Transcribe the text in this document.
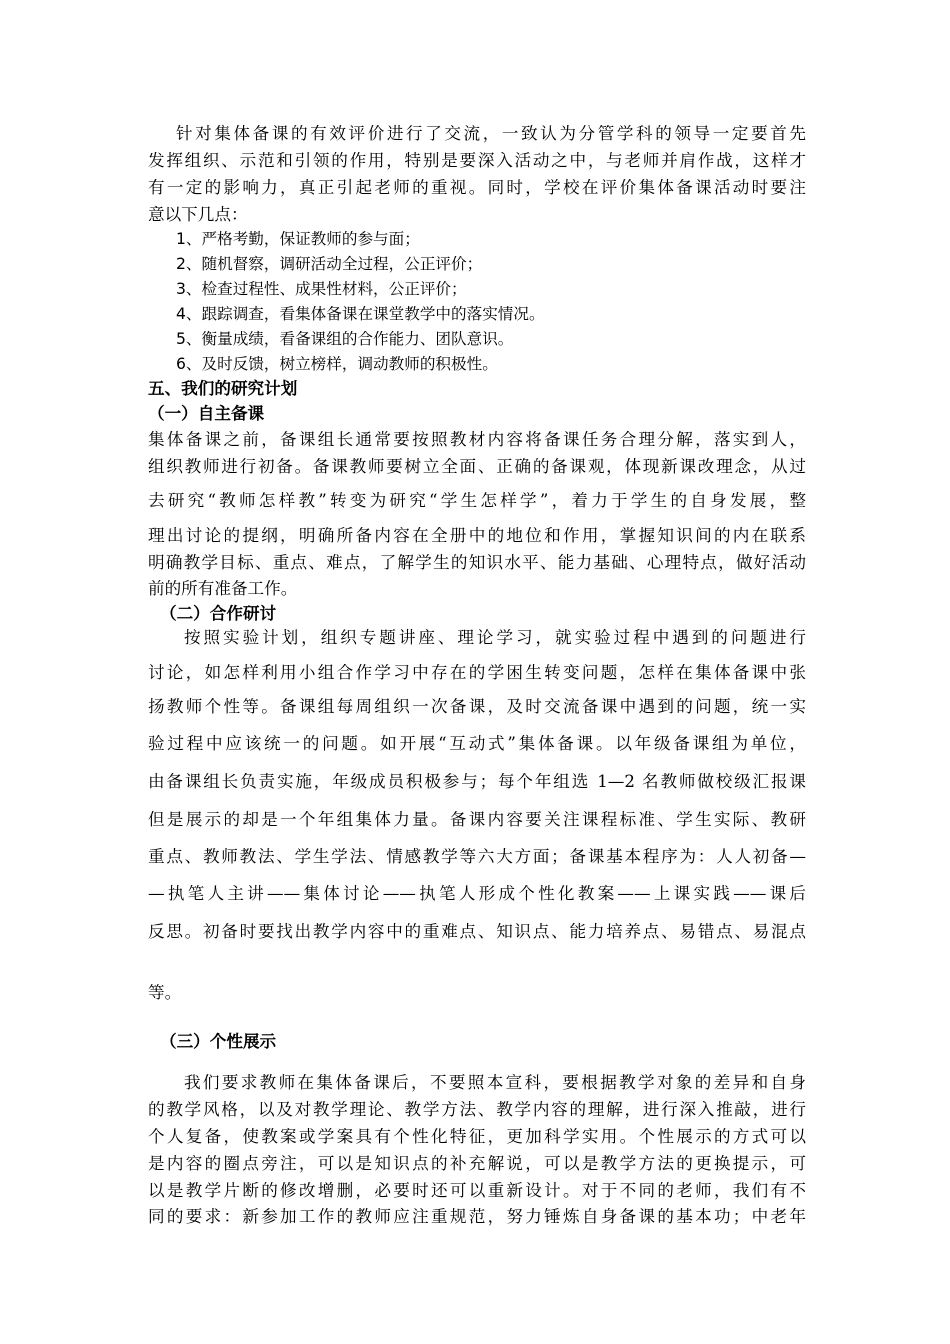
针对集体备课的有效评价进行了交流，一致认为分管学科的领导一定要首先
发挥组织、示范和引领的作用，特别是要深入活动之中，与老师并肩作战，这样才
有一定的影响力，真正引起老师的重视。同时，学校在评价集体备课活动时要注
意以下几点：
1、严格考勤，保证教师的参与面；
2、随机督察，调研活动全过程，公正评价；
3、检查过程性、成果性材料，公正评价；
4、跟踪调查，看集体备课在课堂教学中的落实情况。
5、衡量成绩，看备课组的合作能力、团队意识。
6、及时反馈，树立榜样，调动教师的积极性。
五、我们的研究计划
（一）自主备课
集体备课之前，备课组长通常要按照教材内容将备课任务合理分解，落实到人，
组织教师进行初备。备课教师要树立全面、正确的备课观，体现新课改理念，从过
去研究“教师怎样教”转变为研究“学生怎样学”，着力于学生的自身发展，整
理出讨论的提纲，明确所备内容在全册中的地位和作用，掌握知识间的内在联系
明确教学目标、重点、难点，了解学生的知识水平、能力基础、心理特点，做好活动
前的所有准备工作。
（二）合作研讨
按照实验计划，组织专题讲座、理论学习，就实验过程中遇到的问题进行
讨论，如怎样利用小组合作学习中存在的学困生转变问题，怎样在集体备课中张
扬教师个性等。备课组每周组织一次备课，及时交流备课中遇到的问题，统一实
验过程中应该统一的问题。如开展“互动式”集体备课。以年级备课组为单位，
由备课组长负责实施，年级成员积极参与；每个年组选 1—2 名教师做校级汇报课
但是展示的却是一个年组集体力量。备课内容要关注课程标准、学生实际、教研
重点、教师教法、学生学法、情感教学等六大方面；备课基本程序为：人人初备—
—执笔人主讲——集体讨论——执笔人形成个性化教案——上课实践——课后
反思。初备时要找出教学内容中的重难点、知识点、能力培养点、易错点、易混点
等。
（三）个性展示
我们要求教师在集体备课后，不要照本宣科，要根据教学对象的差异和自身
的教学风格，以及对教学理论、教学方法、教学内容的理解，进行深入推敲，进行
个人复备，使教案或学案具有个性化特征，更加科学实用。个性展示的方式可以
是内容的圈点旁注，可以是知识点的补充解说，可以是教学方法的更换提示，可
以是教学片断的修改增删，必要时还可以重新设计。对于不同的老师，我们有不
同的要求：新参加工作的教师应注重规范，努力锤炼自身备课的基本功；中老年
